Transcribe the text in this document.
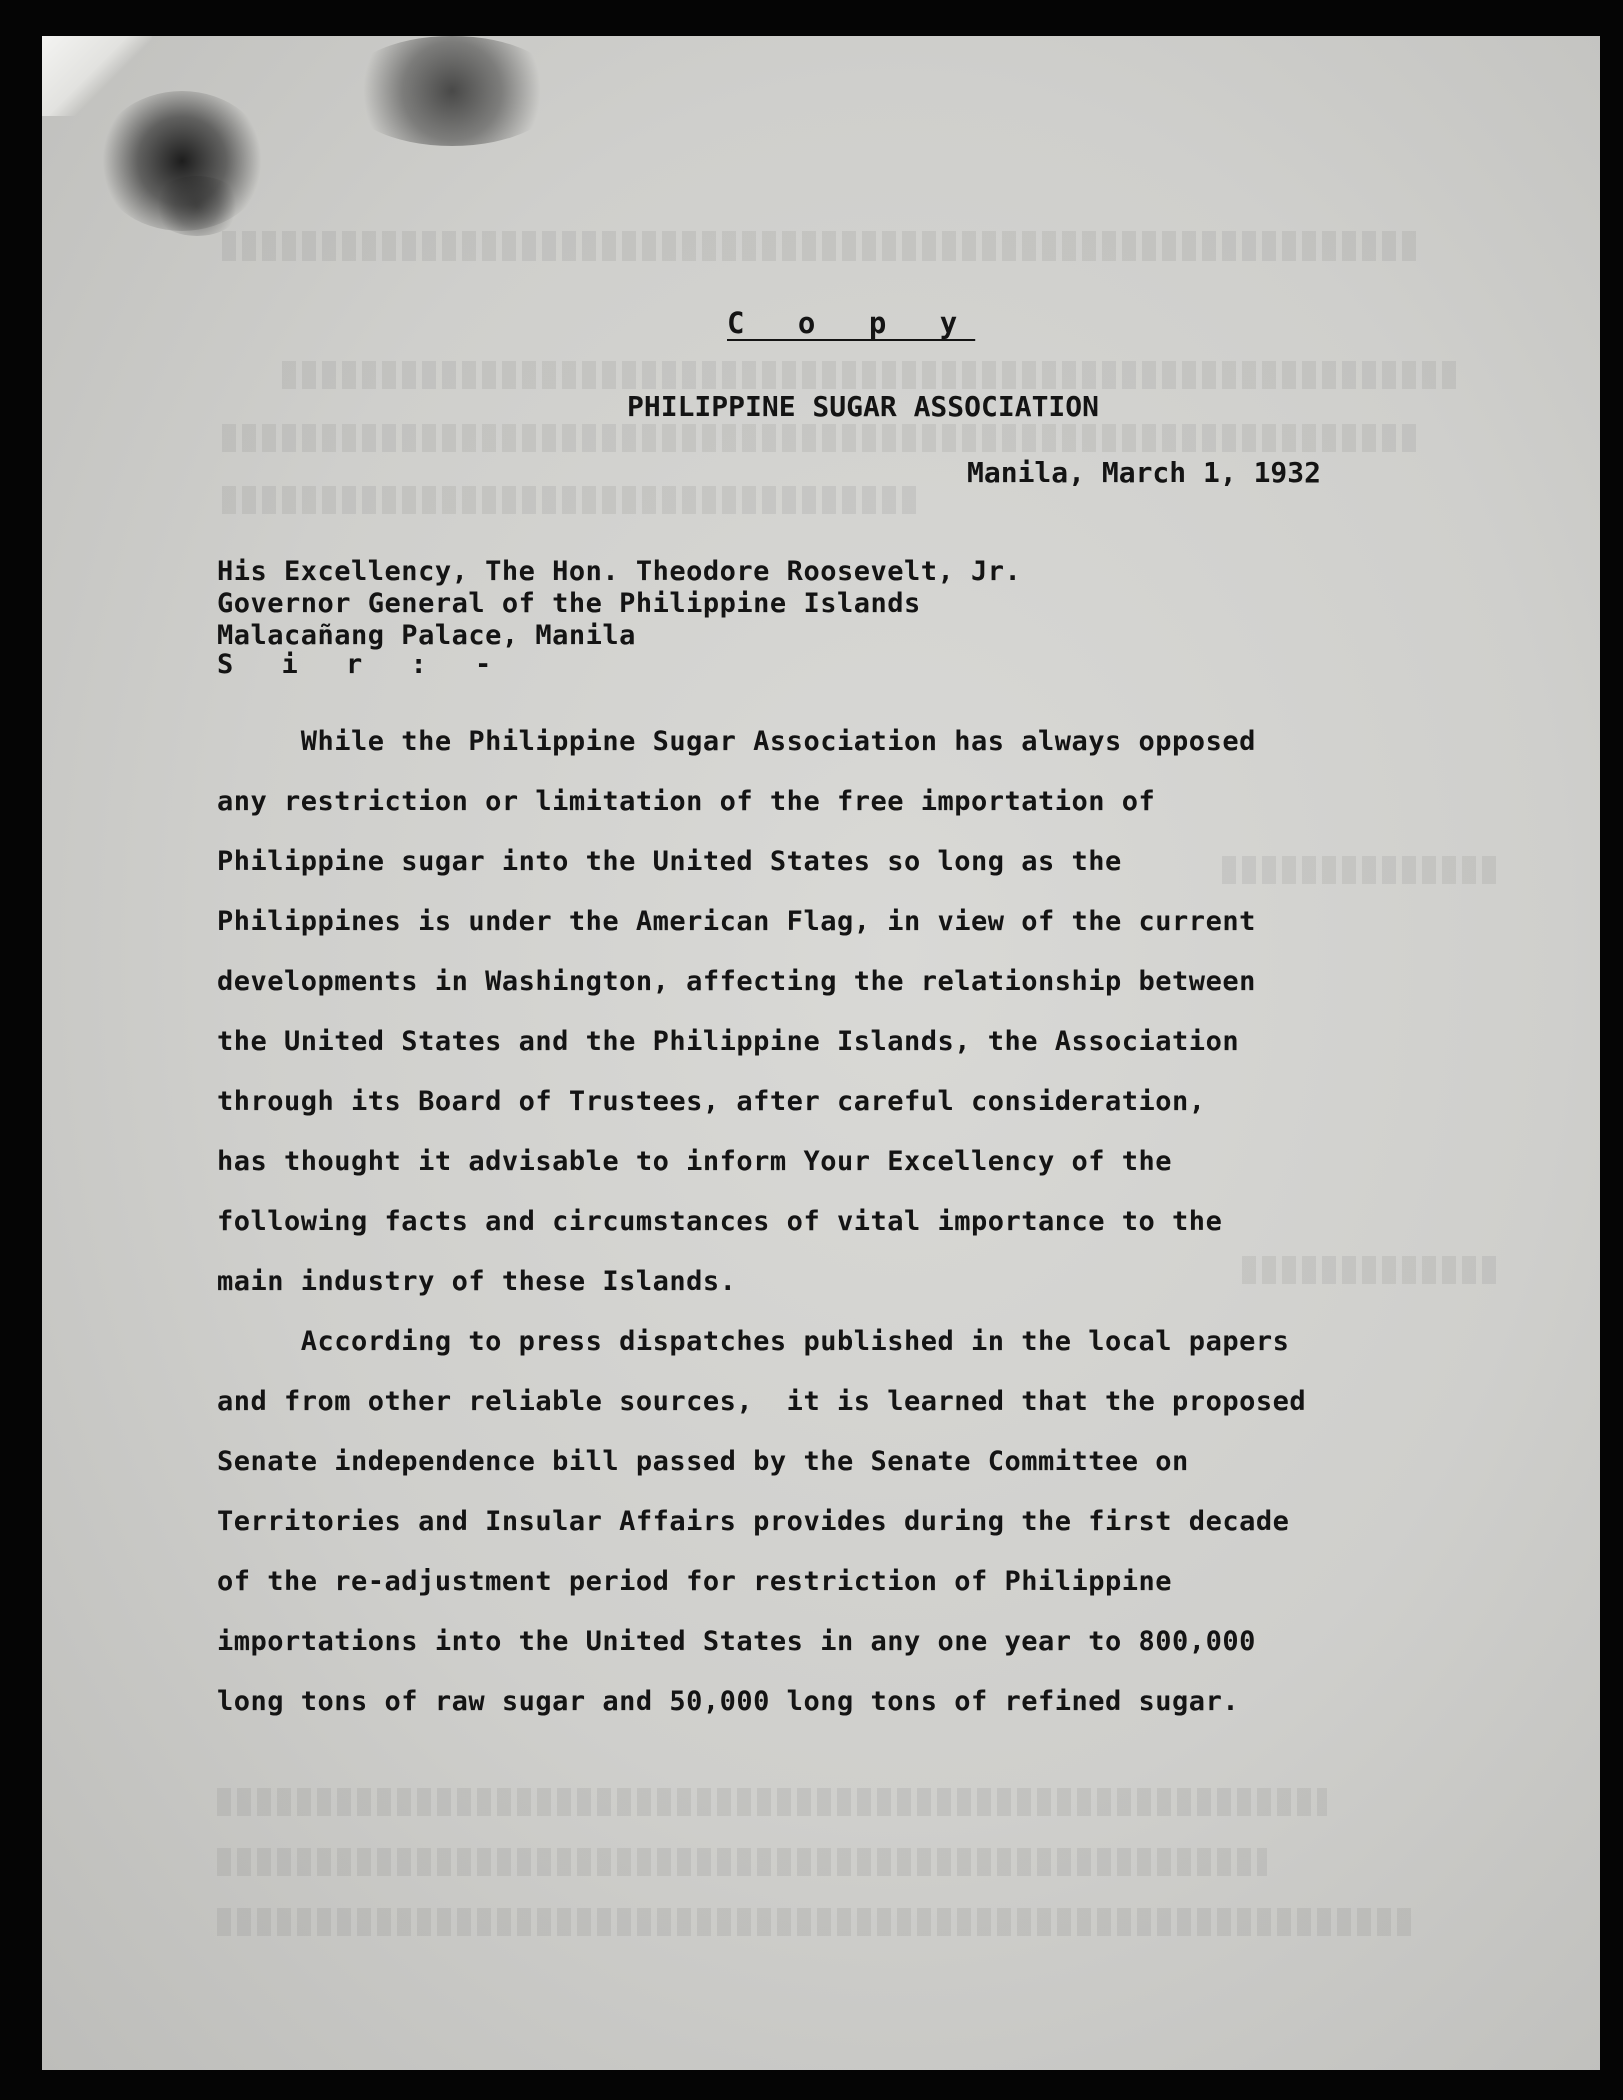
C o p y
PHILIPPINE SUGAR ASSOCIATION
Manila, March 1, 1932
His Excellency, The Hon. Theodore Roosevelt, Jr.
Governor General of the Philippine Islands
Malacañang Palace, Manila
S i r : -
While the Philippine Sugar Association has always opposed
any restriction or limitation of the free importation of
Philippine sugar into the United States so long as the
Philippines is under the American Flag, in view of the current
developments in Washington, affecting the relationship between
the United States and the Philippine Islands, the Association
through its Board of Trustees, after careful consideration,
has thought it advisable to inform Your Excellency of the
following facts and circumstances of vital importance to the
main industry of these Islands.
According to press dispatches published in the local papers
and from other reliable sources,  it is learned that the proposed
Senate independence bill passed by the Senate Committee on
Territories and Insular Affairs provides during the first decade
of the re-adjustment period for restriction of Philippine
importations into the United States in any one year to 800,000
long tons of raw sugar and 50,000 long tons of refined sugar.
